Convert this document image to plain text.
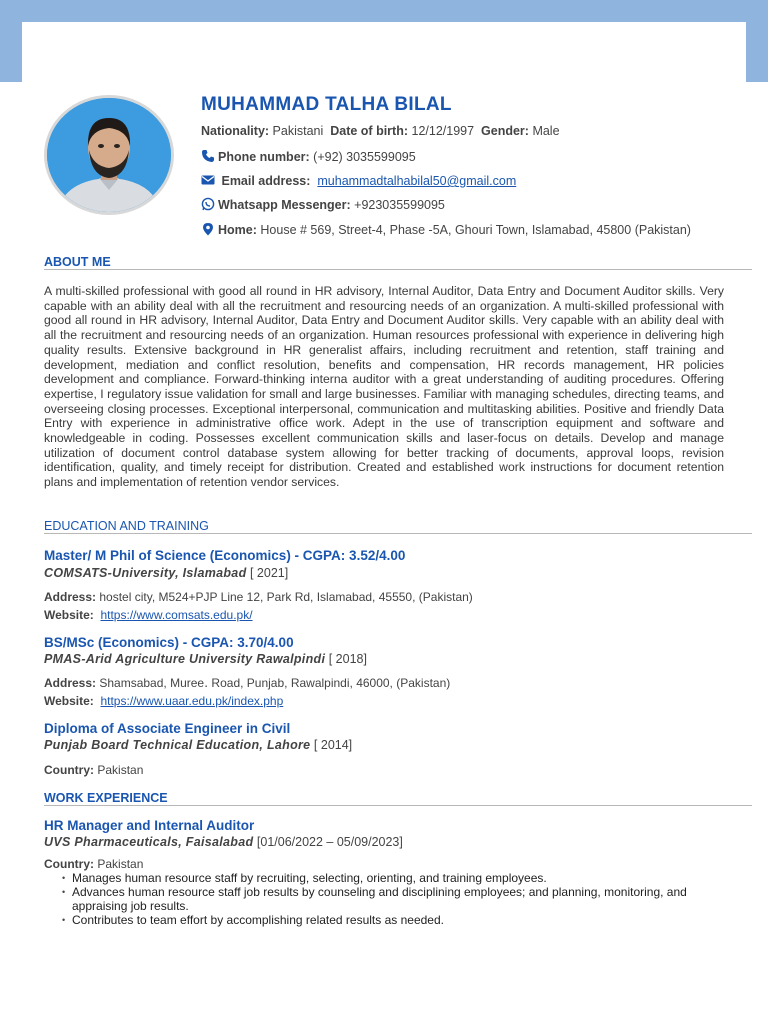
MUHAMMAD TALHA BILAL
Nationality: Pakistani Date of birth: 12/12/1997 Gender: Male
Phone number: (+92) 3035599095
Email address: muhammadtalhabilal50@gmail.com
Whatsapp Messenger: +923035599095
Home: House # 569, Street-4, Phase -5A, Ghouri Town, Islamabad, 45800 (Pakistan)
ABOUT ME
A multi-skilled professional with good all round in HR advisory, Internal Auditor, Data Entry and Document Auditor skills. Very capable with an ability deal with all the recruitment and resourcing needs of an organization. A multi-skilled professional with good all round in HR advisory, Internal Auditor, Data Entry and Document Auditor skills. Very capable with an ability deal with all the recruitment and resourcing needs of an organization. Human resources professional with experience in delivering high quality results. Extensive background in HR generalist affairs, including recruitment and retention, staff training and development, mediation and conflict resolution, benefits and compensation, HR records management, HR policies development and compliance. Forward-thinking interna auditor with a great understanding of auditing procedures. Offering expertise, I regulatory issue validation for small and large businesses. Familiar with managing schedules, directing teams, and overseeing closing processes. Exceptional interpersonal, communication and multitasking abilities. Positive and friendly Data Entry with experience in administrative office work. Adept in the use of transcription equipment and software and knowledgeable in coding. Possesses excellent communication skills and laser-focus on details. Develop and manage utilization of document control database system allowing for better tracking of documents, approval loops, revision identification, quality, and timely receipt for distribution. Created and established work instructions for document retention plans and implementation of retention vendor services.
EDUCATION AND TRAINING
Master/ M Phil of Science (Economics) - CGPA: 3.52/4.00
COMSATS-University, Islamabad [ 2021]
Address: hostel city, M524+PJP Line 12, Park Rd, Islamabad, 45550, (Pakistan)
Website: https://www.comsats.edu.pk/
BS/MSc (Economics) - CGPA: 3.70/4.00
PMAS-Arid Agriculture University Rawalpindi [ 2018]
Address: Shamsabad, Muree․ Road, Punjab, Rawalpindi, 46000, (Pakistan)
Website: https://www.uaar.edu.pk/index.php
Diploma of Associate Engineer in Civil
Punjab Board Technical Education, Lahore [ 2014]
Country: Pakistan
WORK EXPERIENCE
HR Manager and Internal Auditor
UVS Pharmaceuticals, Faisalabad [01/06/2022 – 05/09/2023]
Country: Pakistan
• Manages human resource staff by recruiting, selecting, orienting, and training employees.
• Advances human resource staff job results by counseling and disciplining employees; and planning, monitoring, and appraising job results.
• Contributes to team effort by accomplishing related results as needed.
